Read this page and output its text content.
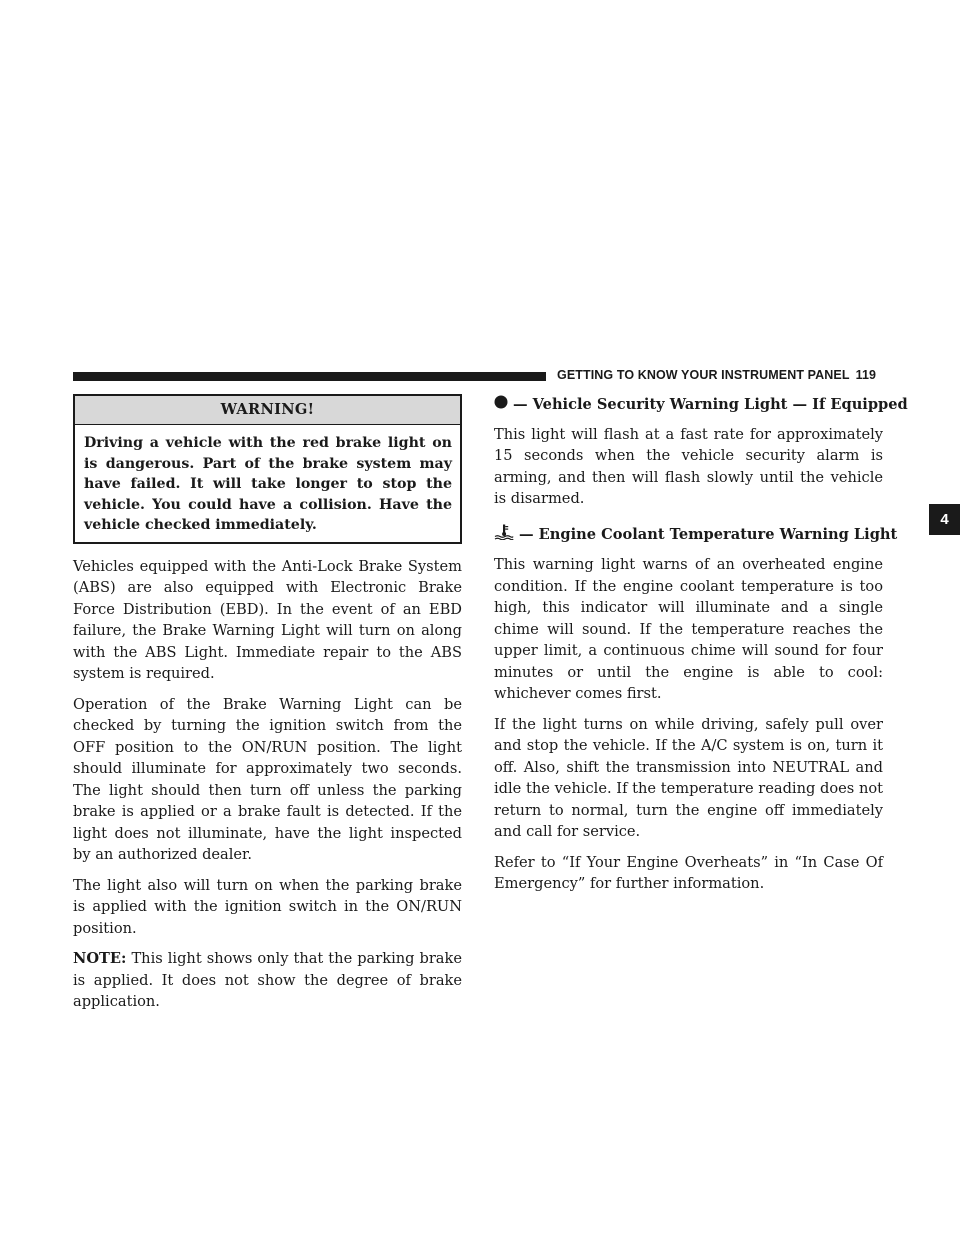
GETTING TO KNOW YOUR INSTRUMENT PANEL 119
4
WARNING!
Driving a vehicle with the red brake light on is dangerous. Part of the brake system may have failed. It will take longer to stop the vehicle. You could have a collision. Have the vehicle checked immediately.

Vehicles equipped with the Anti-Lock Brake System (ABS) are also equipped with Electronic Brake Force Distribution (EBD). In the event of an EBD failure, the Brake Warning Light will turn on along with the ABS Light. Immediate repair to the ABS system is required.

Operation of the Brake Warning Light can be checked by turning the ignition switch from the OFF position to the ON/RUN position. The light should illuminate for approximately two seconds. The light should then turn off unless the parking brake is applied or a brake fault is detected. If the light does not illuminate, have the light inspected by an authorized dealer.

The light also will turn on when the parking brake is applied with the ignition switch in the ON/RUN position.

NOTE: This light shows only that the parking brake is applied. It does not show the degree of brake application.

— Vehicle Security Warning Light — If Equipped

This light will flash at a fast rate for approximately 15 seconds when the vehicle security alarm is arming, and then will flash slowly until the vehicle is disarmed.

— Engine Coolant Temperature Warning Light

This warning light warns of an overheated engine condition. If the engine coolant temperature is too high, this indicator will illuminate and a single chime will sound. If the temperature reaches the upper limit, a continuous chime will sound for four minutes or until the engine is able to cool: whichever comes first.

If the light turns on while driving, safely pull over and stop the vehicle. If the A/C system is on, turn it off. Also, shift the transmission into NEUTRAL and idle the vehicle. If the temperature reading does not return to normal, turn the engine off immediately and call for service.

Refer to “If Your Engine Overheats” in “In Case Of Emergency” for further information.
